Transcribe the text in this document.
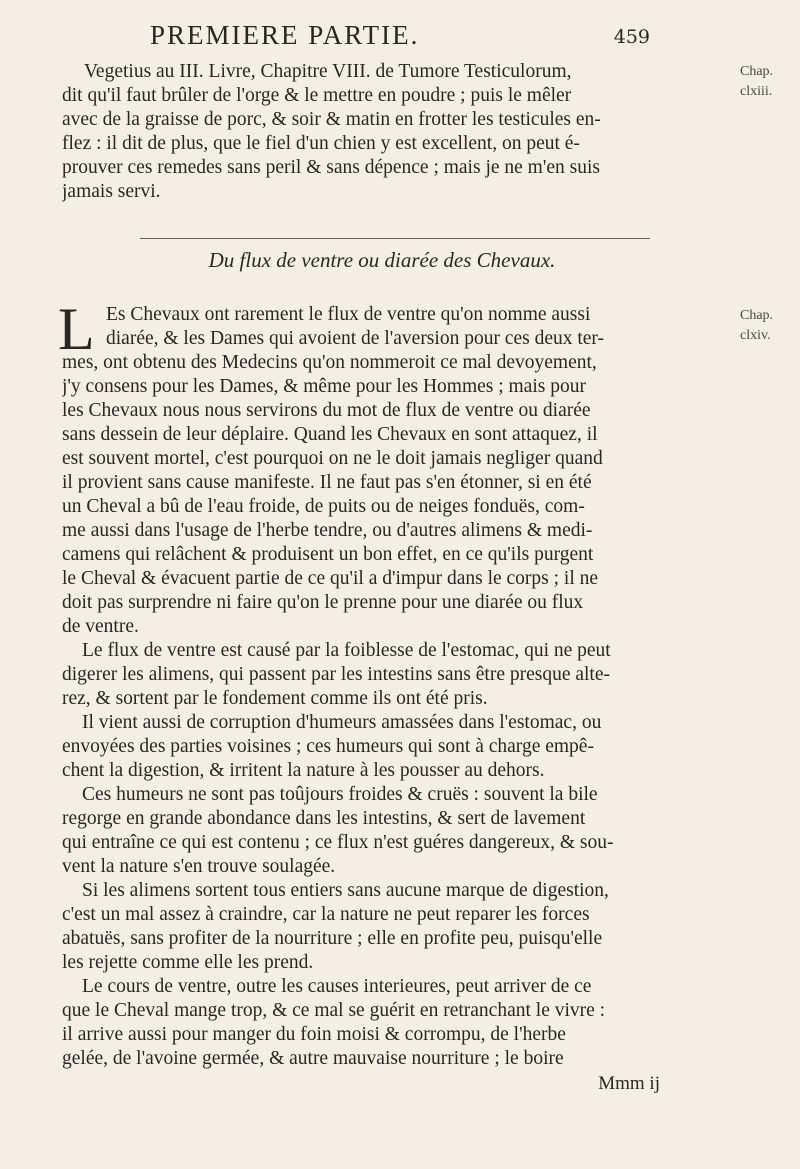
PREMIERE PARTIE.	459
Chap.
clxiii.
Chap.
clxiv.
Vegetius au III. Livre, Chapitre VIII. de Tumore Testiculorum,
dit qu'il faut brûler de l'orge & le mettre en poudre ; puis le mêler
avec de la graisse de porc, & soir & matin en frotter les testicules en-
flez : il dit de plus, que le fiel d'un chien y est excellent, on peut é-
prouver ces remedes sans peril & sans dépence ; mais je ne m'en suis
jamais servi.
Du flux de ventre ou diarée des Chevaux.
L Es Chevaux ont rarement le flux de ventre qu'on nomme aussi
diarée, & les Dames qui avoient de l'aversion pour ces deux ter-
mes, ont obtenu des Medecins qu'on nommeroit ce mal devoyement,
j'y consens pour les Dames, & même pour les Hommes ; mais pour
les Chevaux nous nous servirons du mot de flux de ventre ou diarée
sans dessein de leur déplaire. Quand les Chevaux en sont attaquez, il
est souvent mortel, c'est pourquoi on ne le doit jamais negliger quand
il provient sans cause manifeste. Il ne faut pas s'en étonner, si en été
un Cheval a bû de l'eau froide, de puits ou de neiges fonduës, com-
me aussi dans l'usage de l'herbe tendre, ou d'autres alimens & medi-
camens qui relâchent & produisent un bon effet, en ce qu'ils purgent
le Cheval & évacuent partie de ce qu'il a d'impur dans le corps ; il ne
doit pas surprendre ni faire qu'on le prenne pour une diarée ou flux
de ventre.
Le flux de ventre est causé par la foiblesse de l'estomac, qui ne peut
digerer les alimens, qui passent par les intestins sans être presque alte-
rez, & sortent par le fondement comme ils ont été pris.
Il vient aussi de corruption d'humeurs amassées dans l'estomac, ou
envoyées des parties voisines ; ces humeurs qui sont à charge empê-
chent la digestion, & irritent la nature à les pousser au dehors.
Ces humeurs ne sont pas toûjours froides & cruës : souvent la bile
regorge en grande abondance dans les intestins, & sert de lavement
qui entraîne ce qui est contenu ; ce flux n'est guéres dangereux, & sou-
vent la nature s'en trouve soulagée.
Si les alimens sortent tous entiers sans aucune marque de digestion,
c'est un mal assez à craindre, car la nature ne peut reparer les forces
abatuës, sans profiter de la nourriture ; elle en profite peu, puisqu'elle
les rejette comme elle les prend.
Le cours de ventre, outre les causes interieures, peut arriver de ce
que le Cheval mange trop, & ce mal se guérit en retranchant le vivre :
il arrive aussi pour manger du foin moisi & corrompu, de l'herbe
gelée, de l'avoine germée, & autre mauvaise nourriture ; le boire
Mmm ij
